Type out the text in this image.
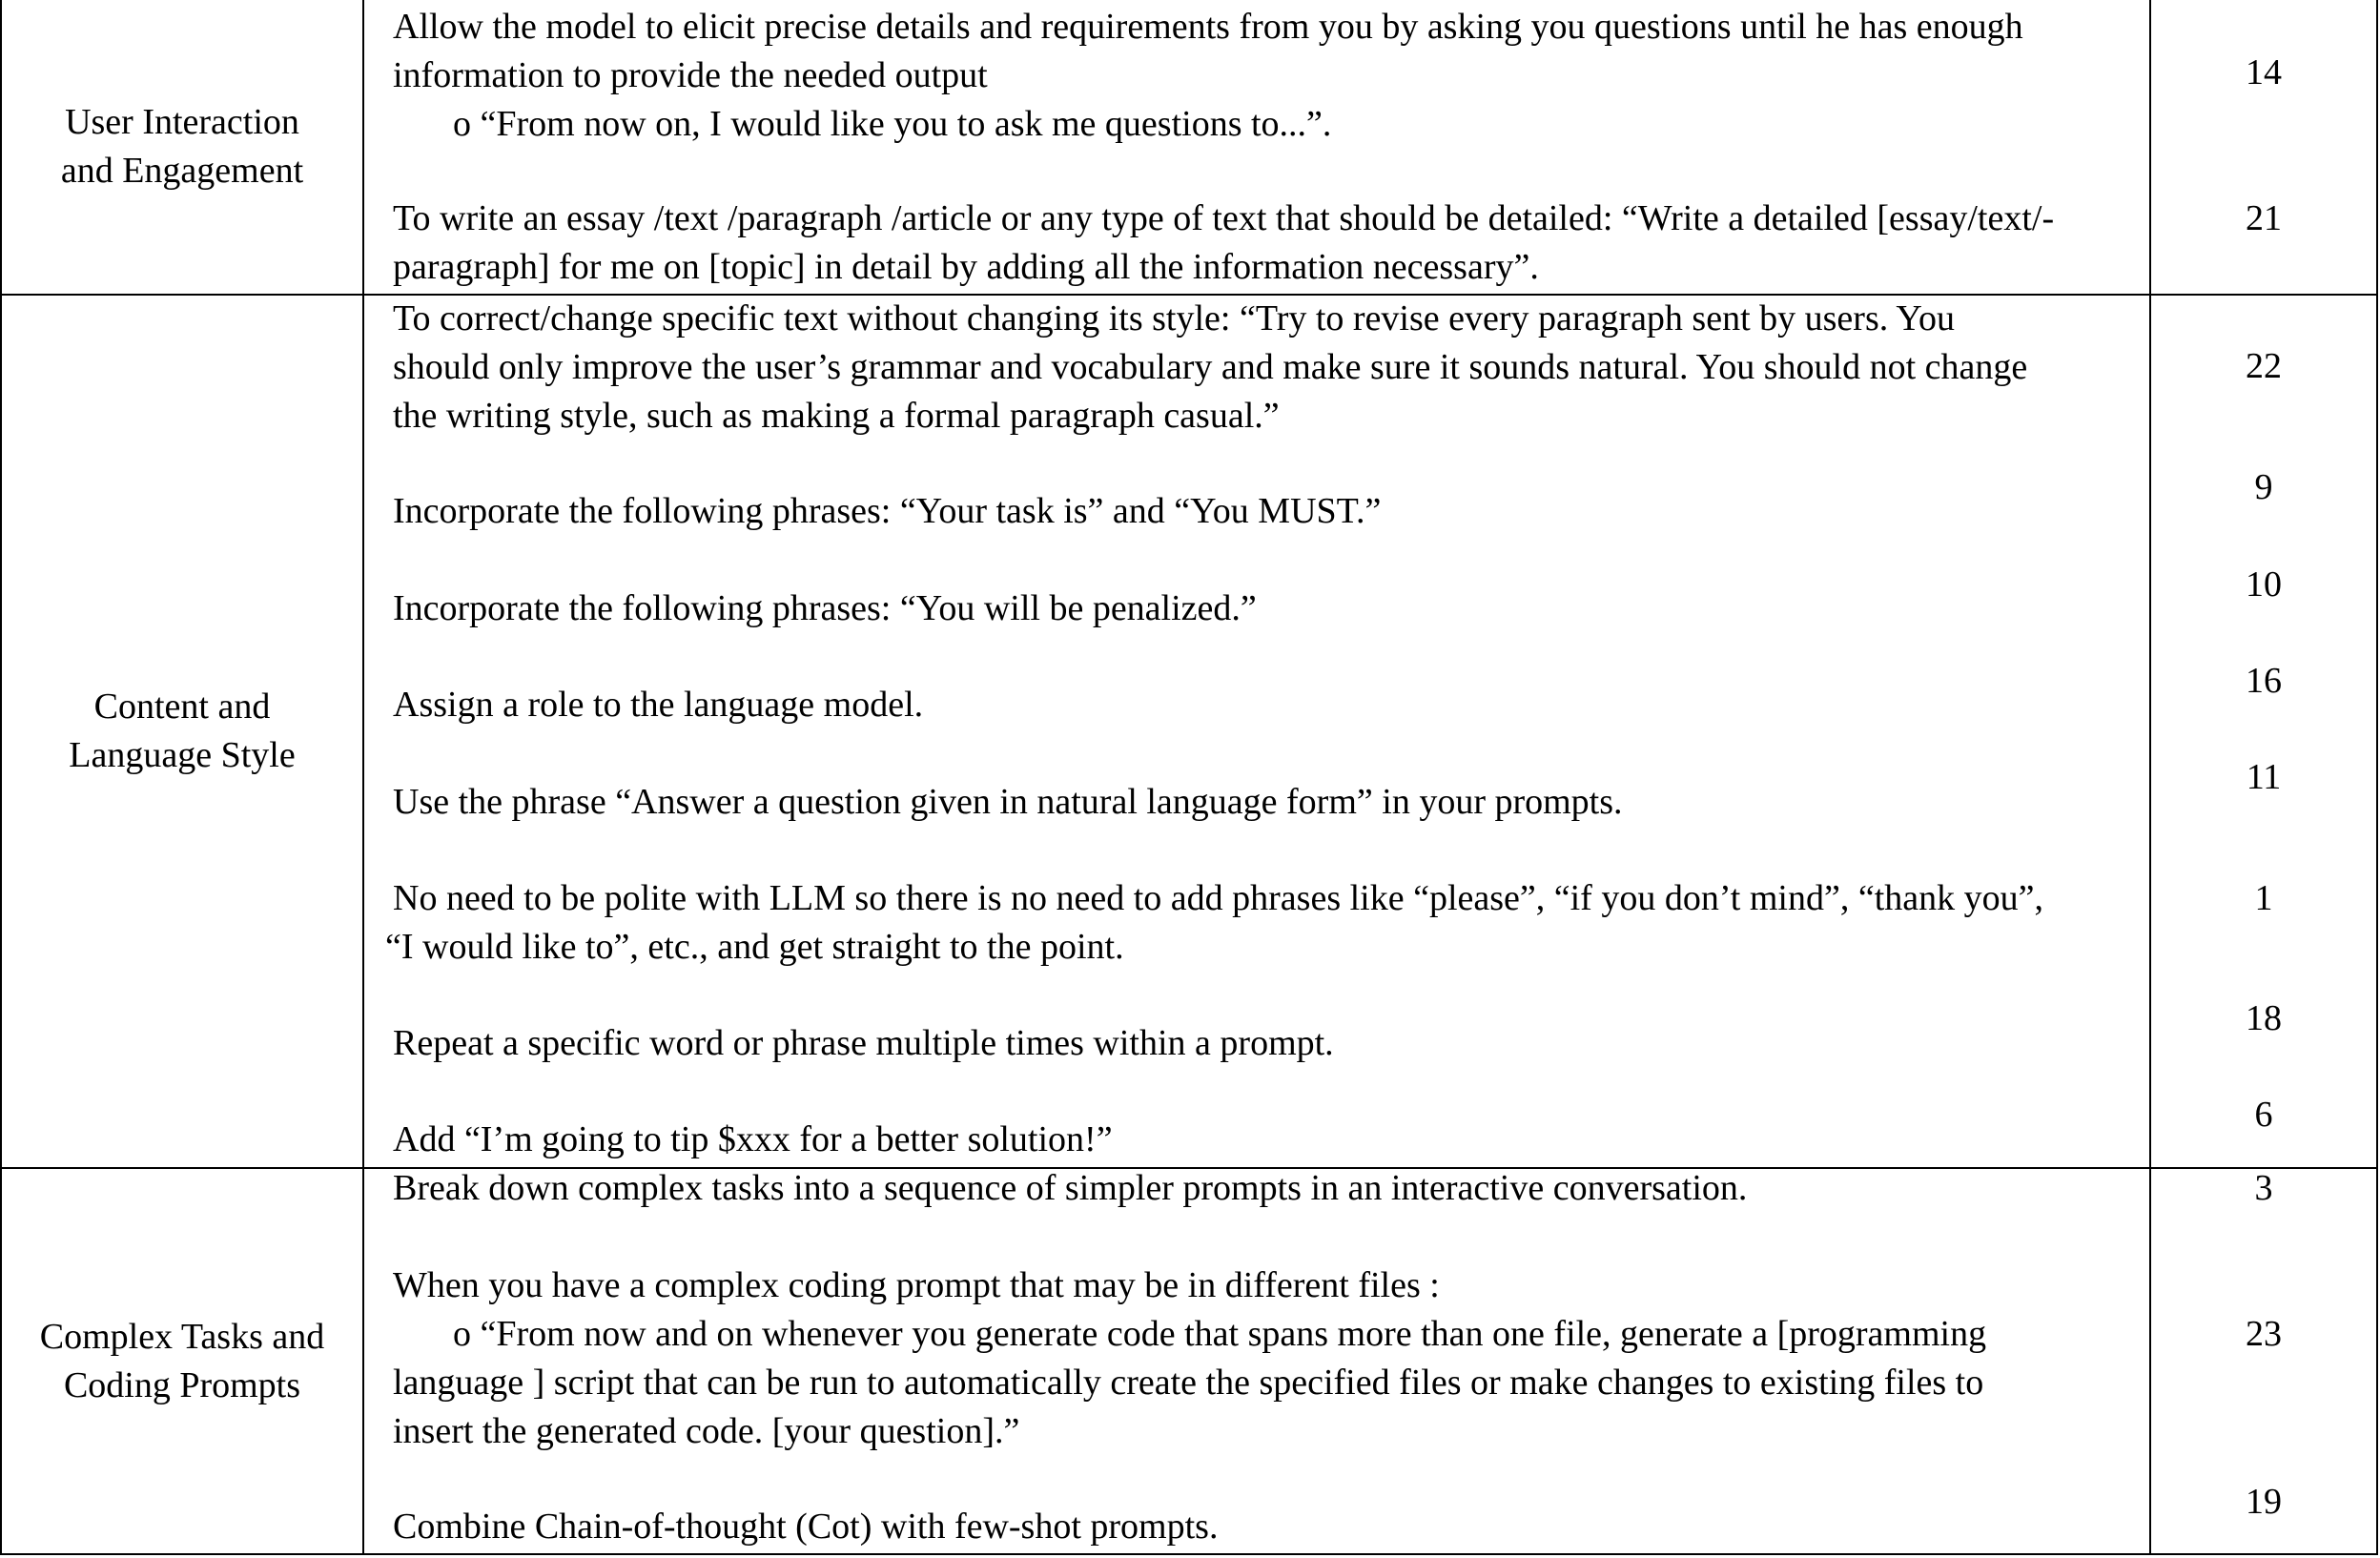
User Interaction
and Engagement
Allow the model to elicit precise details and requirements from you by asking you questions until he has enough
information to provide the needed output
o “From now on, I would like you to ask me questions to...”.
14
To write an essay /text /paragraph /article or any type of text that should be detailed: “Write a detailed [essay/text/-
paragraph] for me on [topic] in detail by adding all the information necessary”.
21
Content and
Language Style
To correct/change specific text without changing its style: “Try to revise every paragraph sent by users. You
should only improve the user’s grammar and vocabulary and make sure it sounds natural. You should not change
the writing style, such as making a formal paragraph casual.”
22
Incorporate the following phrases: “Your task is” and “You MUST.”
9
Incorporate the following phrases: “You will be penalized.”
10
Assign a role to the language model.
16
Use the phrase “Answer a question given in natural language form” in your prompts.
11
No need to be polite with LLM so there is no need to add phrases like “please”, “if you don’t mind”, “thank you”,
“I would like to”, etc., and get straight to the point.
1
Repeat a specific word or phrase multiple times within a prompt.
18
Add “I’m going to tip $xxx for a better solution!”
6
Complex Tasks and
Coding Prompts
Break down complex tasks into a sequence of simpler prompts in an interactive conversation.	3
When you have a complex coding prompt that may be in different files :
o “From now and on whenever you generate code that spans more than one file, generate a [programming
language ] script that can be run to automatically create the specified files or make changes to existing files to
insert the generated code. [your question].”
23
Combine Chain-of-thought (Cot) with few-shot prompts.
19
